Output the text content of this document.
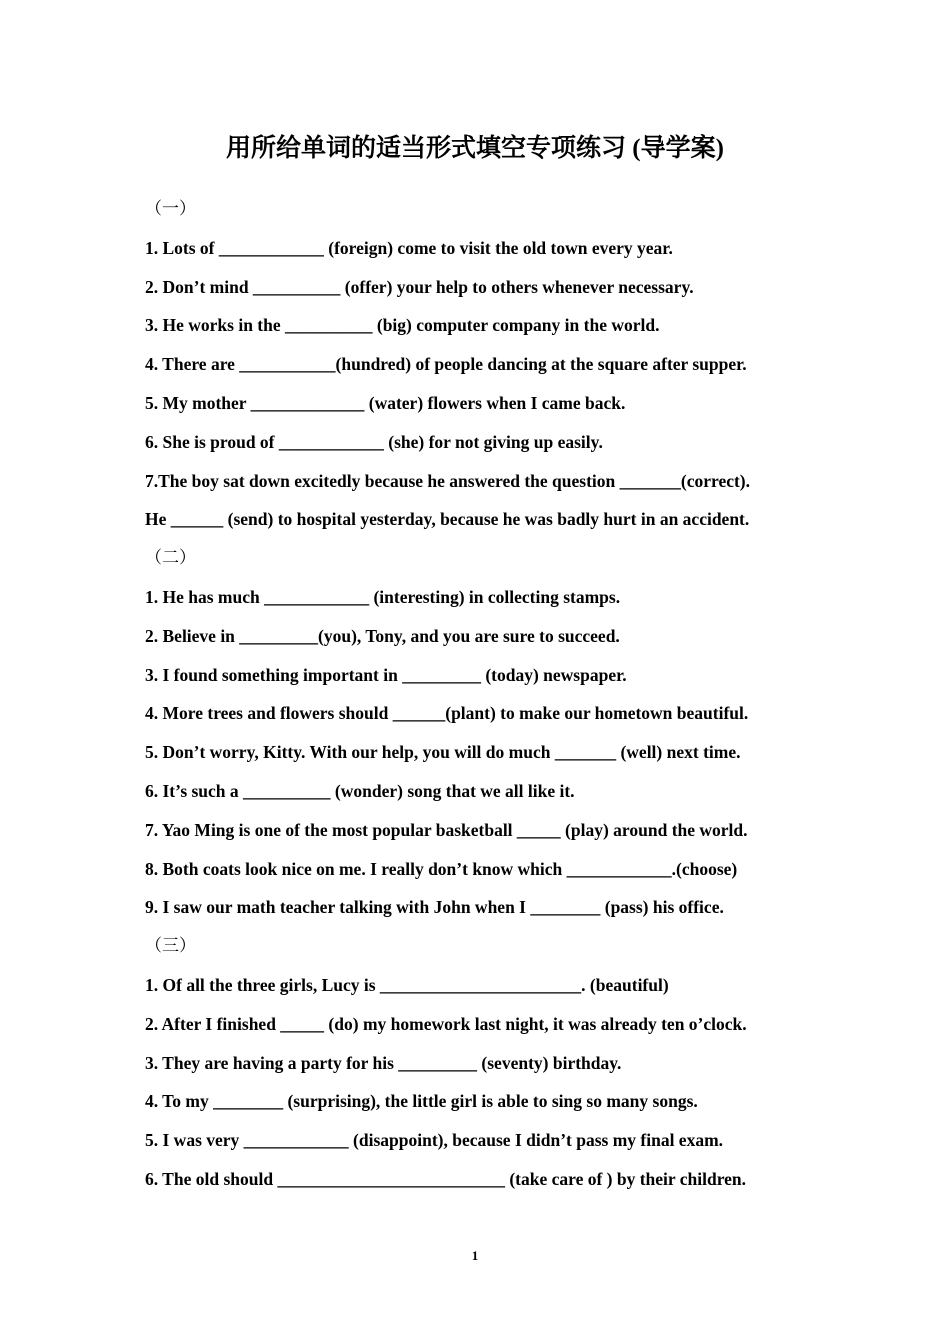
用所给单词的适当形式填空专项练习 (导学案)
（一）
1. Lots of ____________ (foreign) come to visit the old town every year.
2. Don’t mind __________ (offer) your help to others whenever necessary.
3. He works in the __________ (big) computer company in the world.
4. There are ___________(hundred) of people dancing at the square after supper.
5. My mother _____________ (water) flowers when I came back.
6. She is proud of ____________ (she) for not giving up easily.
7.The boy sat down excitedly because he answered the question _______(correct).
He ______ (send) to hospital yesterday, because he was badly hurt in an accident.
（二）
1. He has much ____________ (interesting) in collecting stamps.
2. Believe in _________(you), Tony, and you are sure to succeed.
3. I found something important in _________ (today) newspaper.
4. More trees and flowers should ______(plant) to make our hometown beautiful.
5. Don’t worry, Kitty. With our help, you will do much _______ (well) next time.
6. It’s such a __________ (wonder) song that we all like it.
7. Yao Ming is one of the most popular basketball _____ (play) around the world.
8. Both coats look nice on me. I really don’t know which ____________.(choose)
9. I saw our math teacher talking with John when I ________ (pass) his office.
（三）
1. Of all the three girls, Lucy is _______________________. (beautiful)
2. After I finished _____ (do) my homework last night, it was already ten o’clock.
3. They are having a party for his _________ (seventy) birthday.
4. To my ________ (surprising), the little girl is able to sing so many songs.
5. I was very ____________ (disappoint), because I didn’t pass my final exam.
6. The old should __________________________ (take care of ) by their children.
1
